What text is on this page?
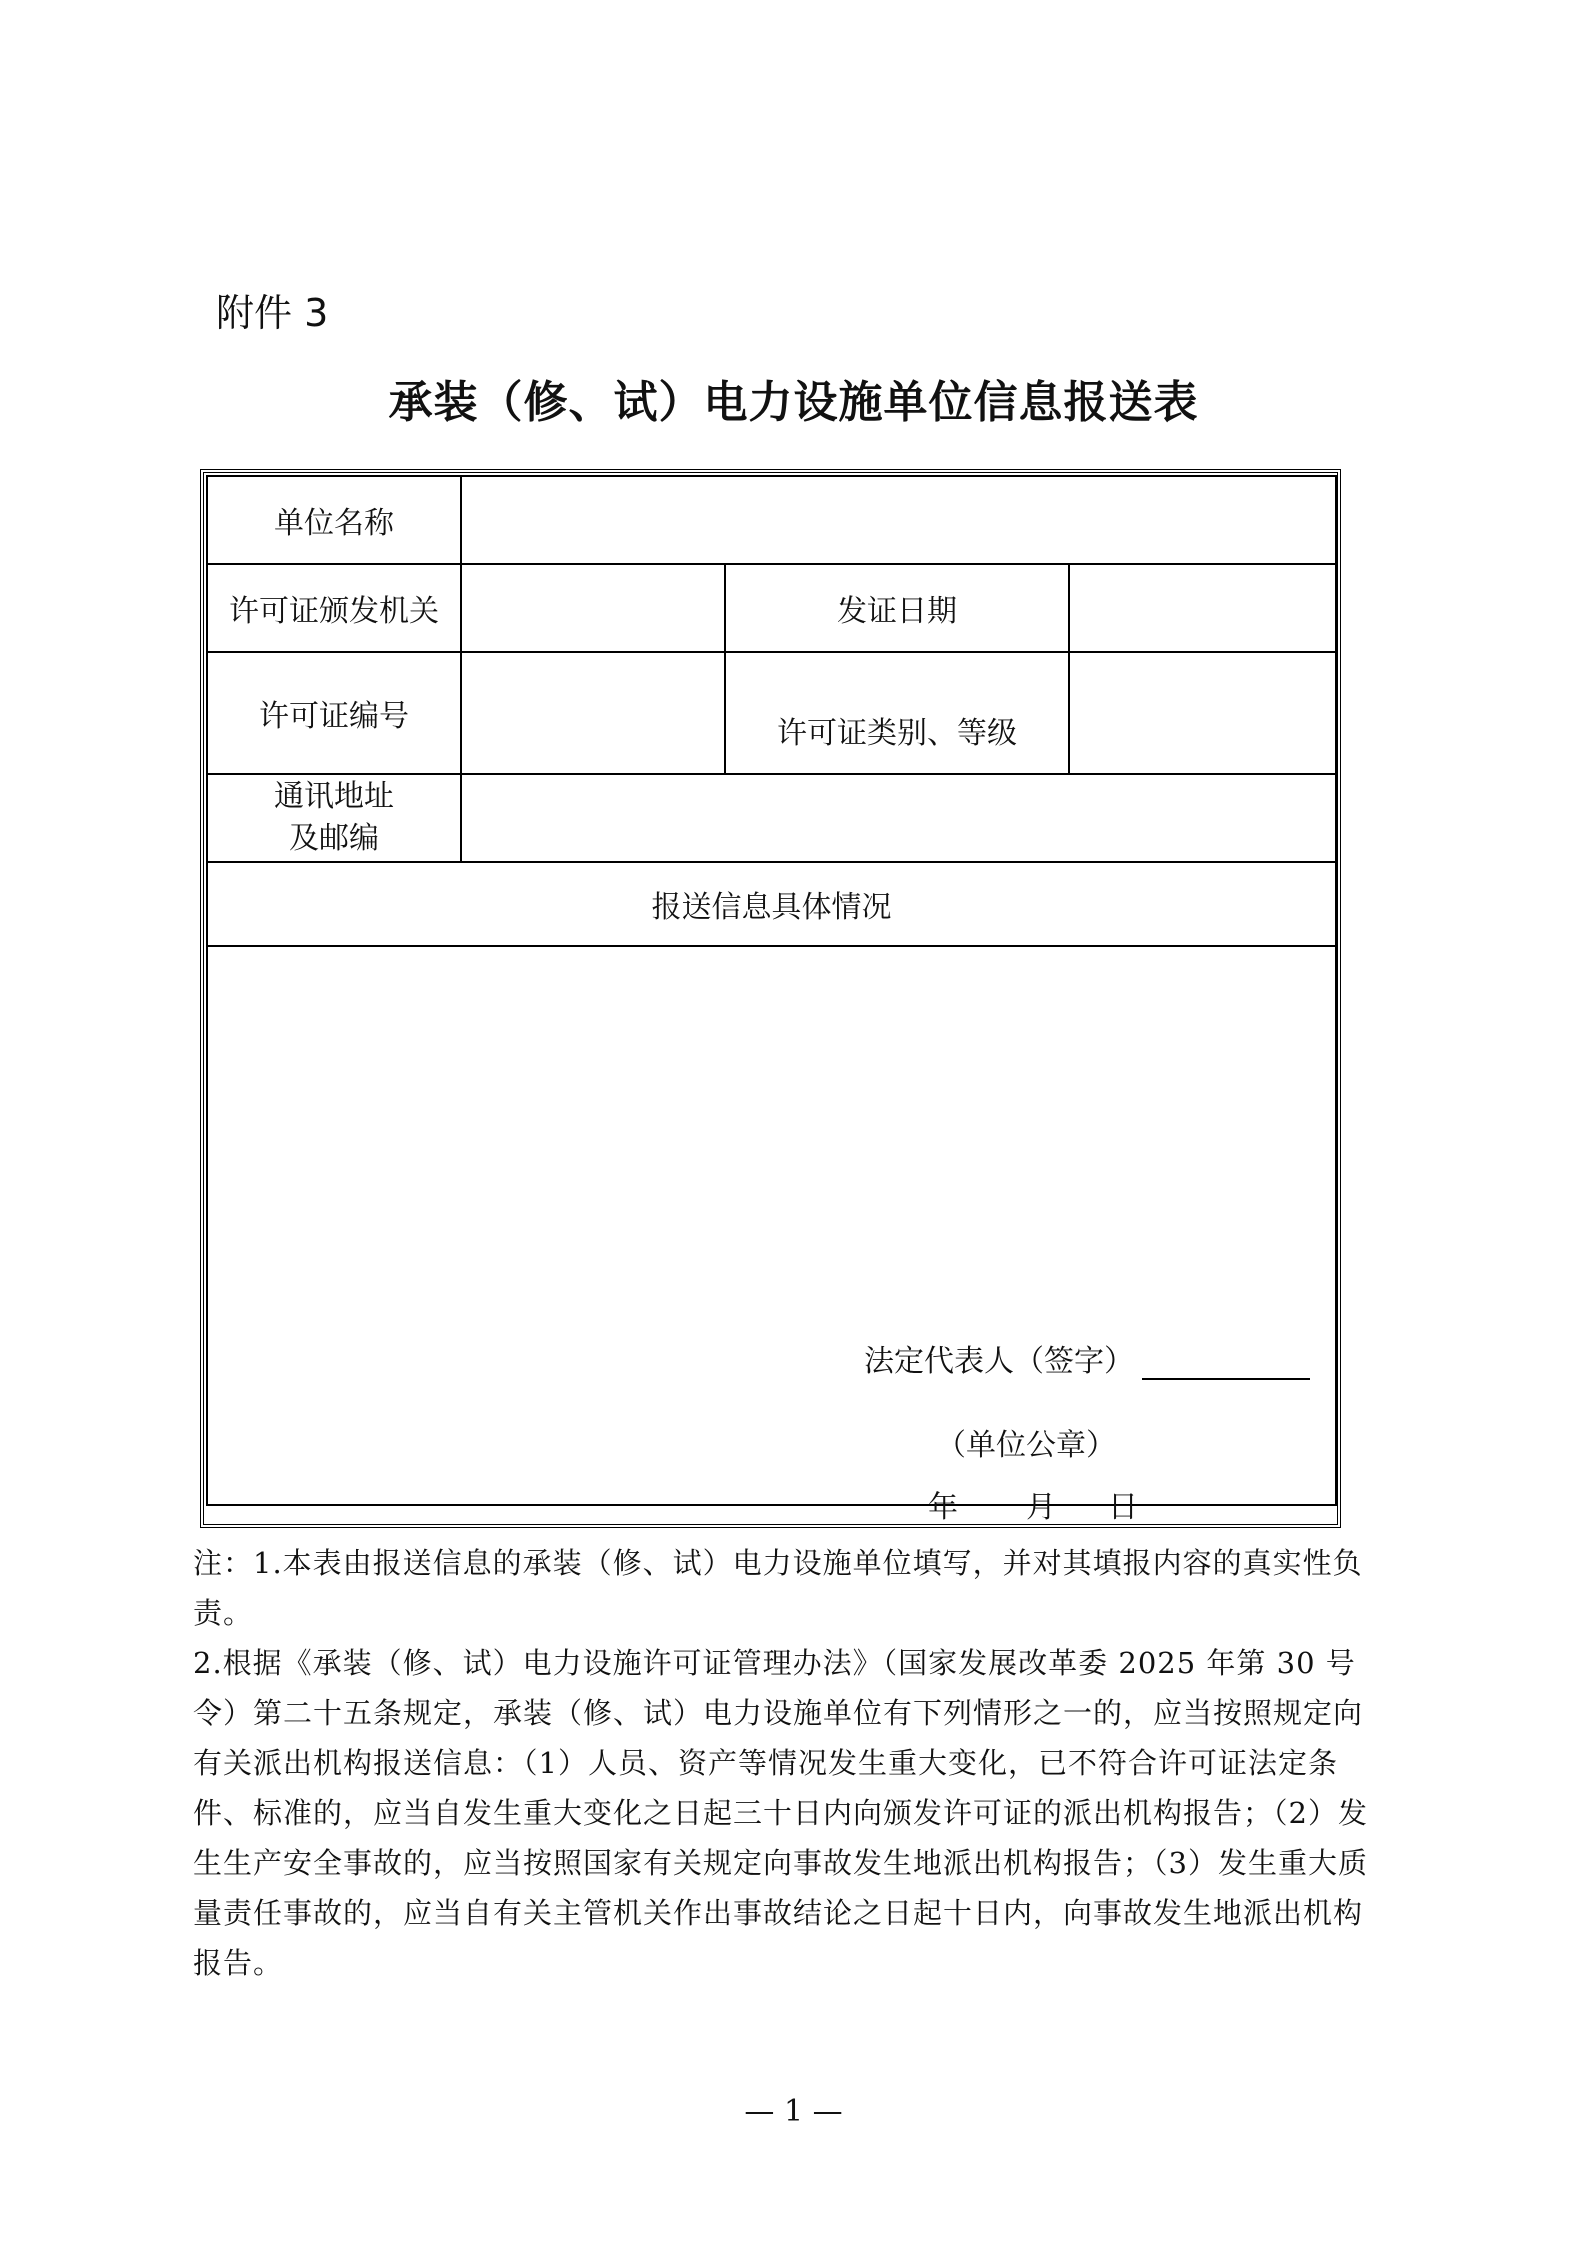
附件 3
承装（修、试）电力设施单位信息报送表
单位名称			
许可证颁发机关		发证日期	
许可证编号		许可证类别、等级	

通讯地址
及邮编			

报送信息具体情况			

法定代表人（签字）
（单位公章）
年 月 日			

注：1.本表由报送信息的承装（修、试）电力设施单位填写，并对其填报内容的真实性负责。

2.根据《承装（修、试）电力设施许可证管理办法》（国家发展改革委 2025 年第 30 号令）第二十五条规定，承装（修、试）电力设施单位有下列情形之一的，应当按照规定向有关派出机构报送信息：（1）人员、资产等情况发生重大变化，已不符合许可证法定条件、标准的，应当自发生重大变化之日起三十日内向颁发许可证的派出机构报告；（2）发生生产安全事故的，应当按照国家有关规定向事故发生地派出机构报告；（3）发生重大质量责任事故的，应当自有关主管机关作出事故结论之日起十日内，向事故发生地派出机构报告。

— 1 —
